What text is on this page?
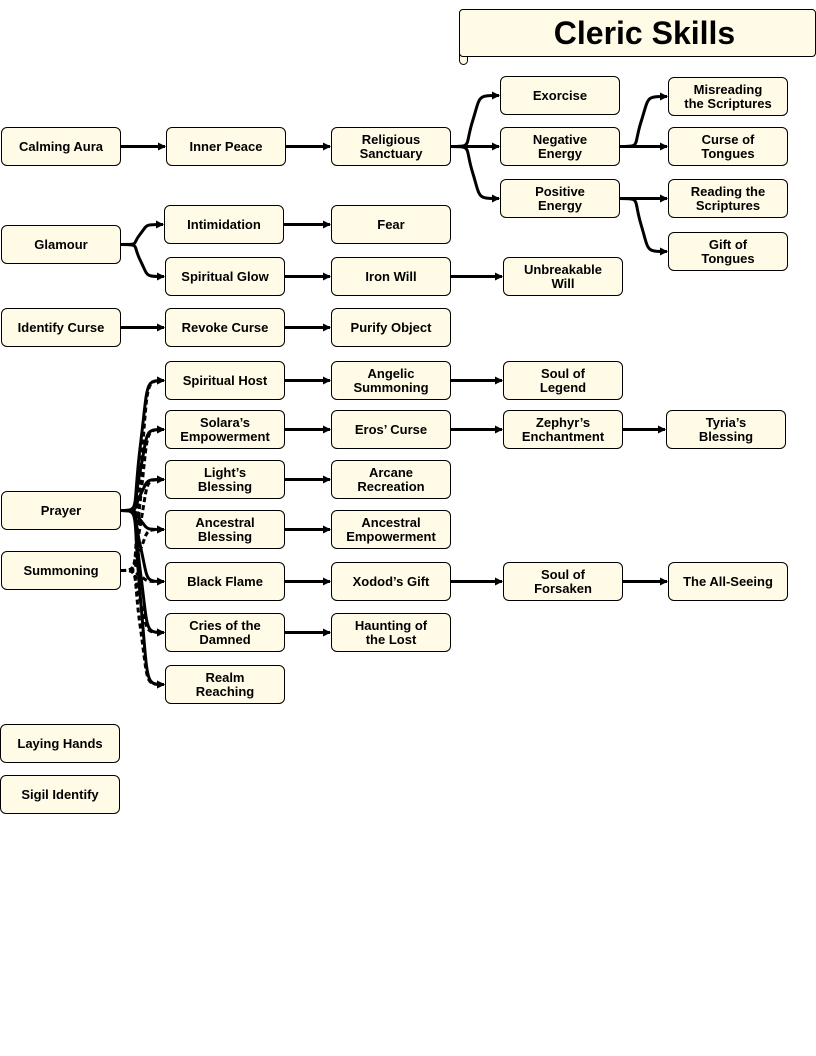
Cleric Skills
Calming Aura	Inner Peace	Religious
Sanctuary
Exorcise
Negative
Energy
Positive
Energy
Misreading
the Scriptures
Curse of
Tongues
Reading the
Scriptures
Gift of
Tongues
Glamour
Intimidation	Fear
Spiritual Glow	Iron Will	Unbreakable
Will
Identify Curse	Revoke Curse	Purify Object
Spiritual Host	Angelic
Summoning
Soul of
Legend
Solara’s
Empowerment	Eros’ Curse	Zephyr’s
Enchantment
Tyria’s
Blessing
Light’s
Blessing
Arcane
Recreation
Ancestral
Blessing
Ancestral
Empowerment
Prayer
Summoning
Black Flame	Xodod’s Gift	Soul of
Forsaken	The All-Seeing
Cries of the
Damned
Haunting of
the Lost
Realm
Reaching
Laying Hands
Sigil Identify
